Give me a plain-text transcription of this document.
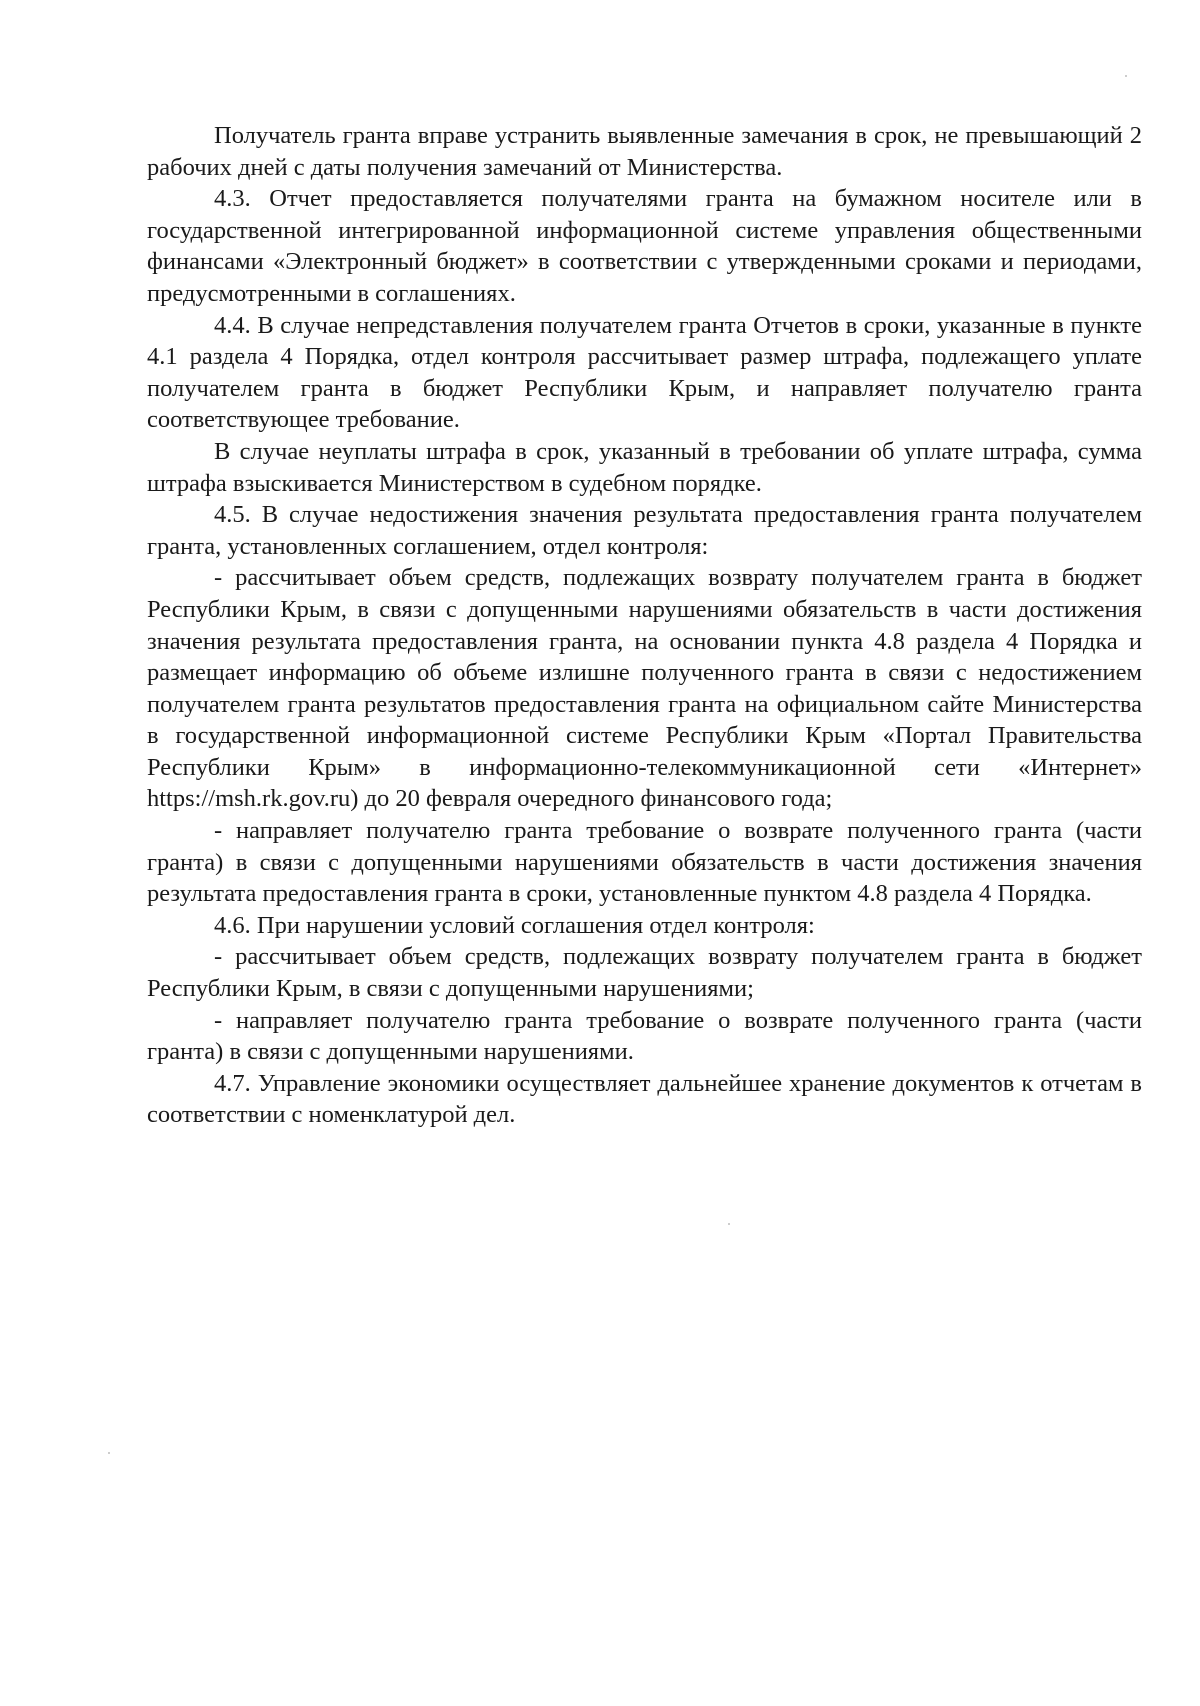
Получатель гранта вправе устранить выявленные замечания в срок, не превышающий 2 рабочих дней с даты получения замечаний от Министерства.

4.3. Отчет предоставляется получателями гранта на бумажном носителе или в государственной интегрированной информационной системе управления общественными финансами «Электронный бюджет» в соответствии с утвержденными сроками и периодами, предусмотренными в соглашениях.

4.4. В случае непредставления получателем гранта Отчетов в сроки, указанные в пункте 4.1 раздела 4 Порядка, отдел контроля рассчитывает размер штрафа, подлежащего уплате получателем гранта в бюджет Республики Крым, и направляет получателю гранта соответствующее требование.

В случае неуплаты штрафа в срок, указанный в требовании об уплате штрафа, сумма штрафа взыскивается Министерством в судебном порядке.

4.5. В случае недостижения значения результата предоставления гранта получателем гранта, установленных соглашением, отдел контроля:

- рассчитывает объем средств, подлежащих возврату получателем гранта в бюджет Республики Крым, в связи с допущенными нарушениями обязательств в части достижения значения результата предоставления гранта, на основании пункта 4.8 раздела 4 Порядка и размещает информацию об объеме излишне полученного гранта в связи с недостижением получателем гранта результатов предоставления гранта на официальном сайте Министерства в государственной информационной системе Республики Крым «Портал Правительства Республики Крым» в информационно-телекоммуникационной сети «Интернет» https://msh.rk.gov.ru) до 20 февраля очередного финансового года;

- направляет получателю гранта требование о возврате полученного гранта (части гранта) в связи с допущенными нарушениями обязательств в части достижения значения результата предоставления гранта в сроки, установленные пунктом 4.8 раздела 4 Порядка.

4.6. При нарушении условий соглашения отдел контроля:

- рассчитывает объем средств, подлежащих возврату получателем гранта в бюджет Республики Крым, в связи с допущенными нарушениями;

- направляет получателю гранта требование о возврате полученного гранта (части гранта) в связи с допущенными нарушениями.

4.7. Управление экономики осуществляет дальнейшее хранение документов к отчетам в соответствии с номенклатурой дел.
